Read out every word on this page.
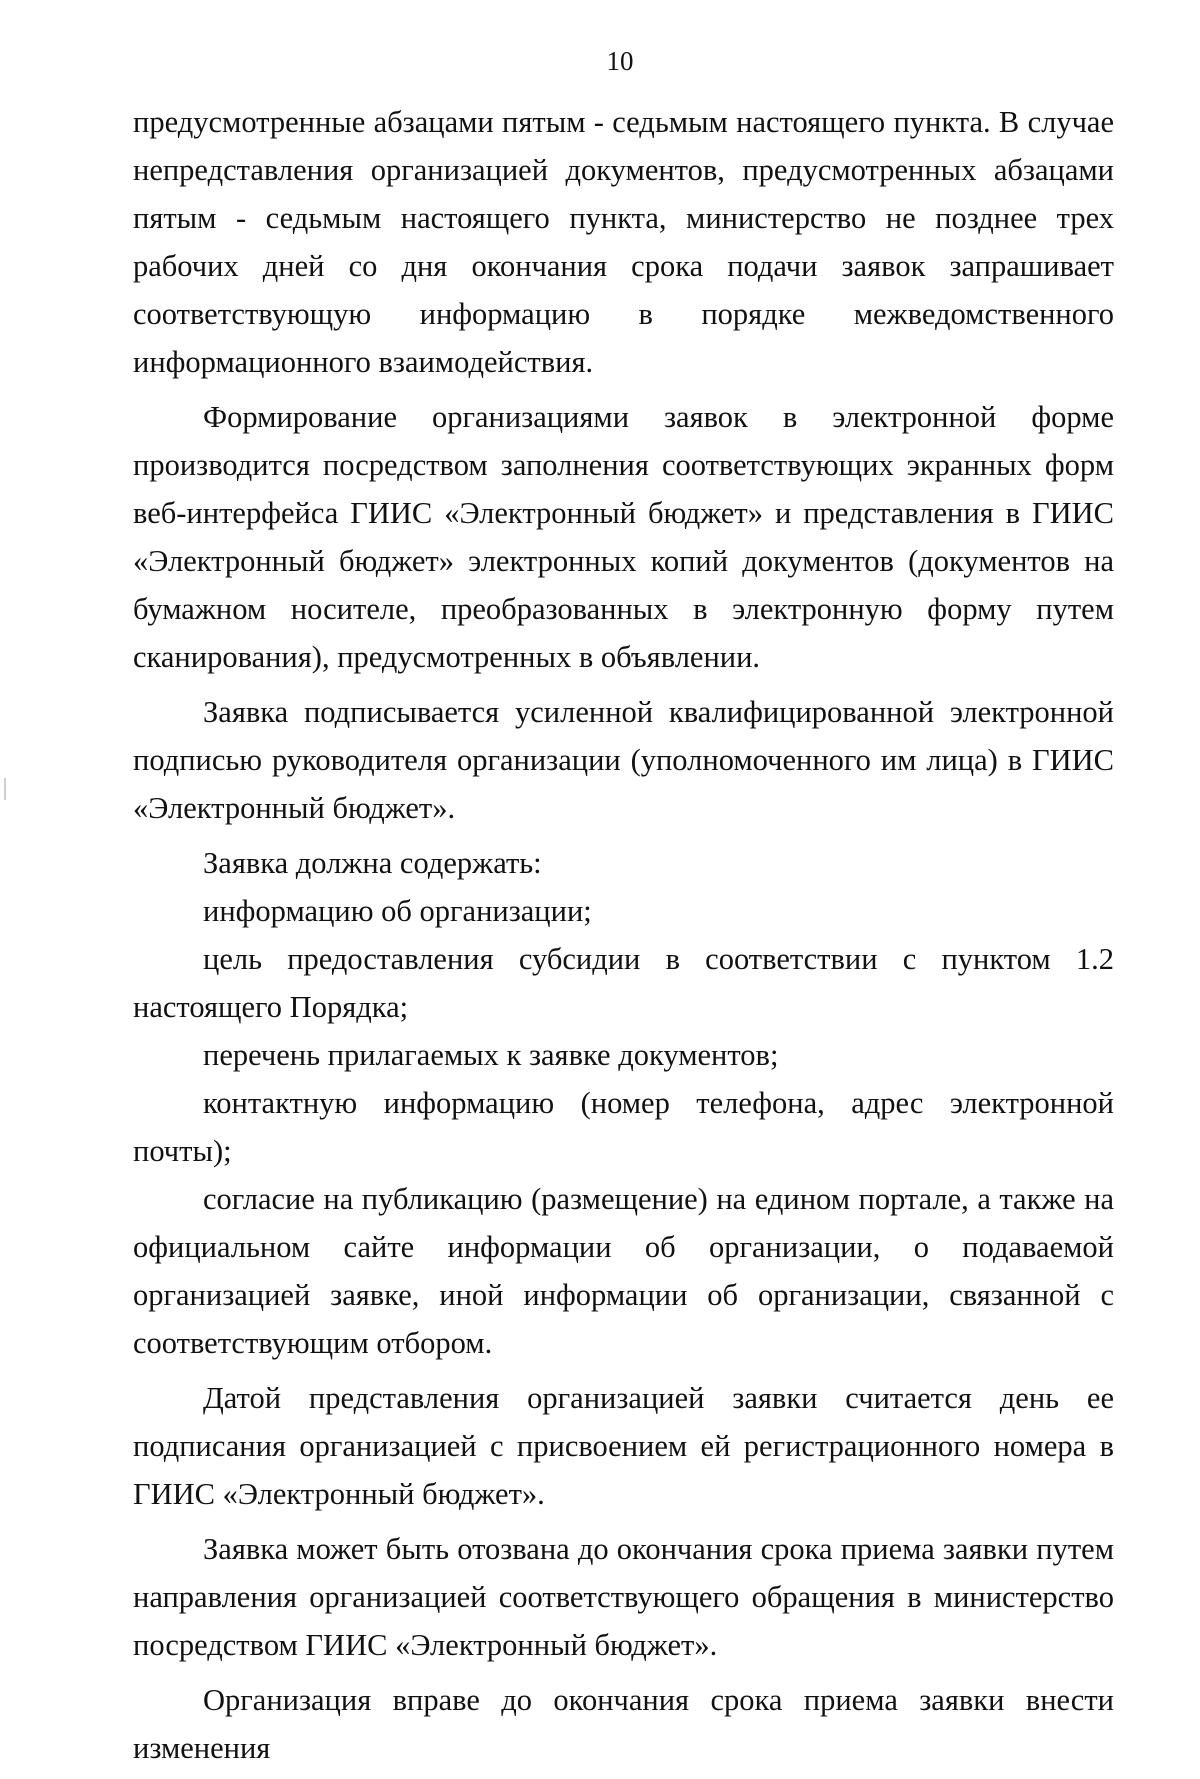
10

предусмотренные абзацами пятым - седьмым настоящего пункта. В случае непредставления организацией документов, предусмотренных абзацами пятым - седьмым настоящего пункта, министерство не позднее трех рабочих дней со дня окончания срока подачи заявок запрашивает соответствующую информацию в порядке межведомственного информационного взаимодействия.

Формирование организациями заявок в электронной форме производится посредством заполнения соответствующих экранных форм веб-интерфейса ГИИС «Электронный бюджет» и представления в ГИИС «Электронный бюджет» электронных копий документов (документов на бумажном носителе, преобразованных в электронную форму путем сканирования), предусмотренных в объявлении.

Заявка подписывается усиленной квалифицированной электронной подписью руководителя организации (уполномоченного им лица) в ГИИС «Электронный бюджет».

Заявка должна содержать:

информацию об организации;

цель предоставления субсидии в соответствии с пунктом 1.2 настоящего Порядка;

перечень прилагаемых к заявке документов;

контактную информацию (номер телефона, адрес электронной почты);

согласие на публикацию (размещение) на едином портале, а также на официальном сайте информации об организации, о подаваемой организацией заявке, иной информации об организации, связанной с соответствующим отбором.

Датой представления организацией заявки считается день ее подписания организацией с присвоением ей регистрационного номера в ГИИС «Электронный бюджет».

Заявка может быть отозвана до окончания срока приема заявки путем направления организацией соответствующего обращения в министерство посредством ГИИС «Электронный бюджет».

Организация вправе до окончания срока приема заявки внести изменения
